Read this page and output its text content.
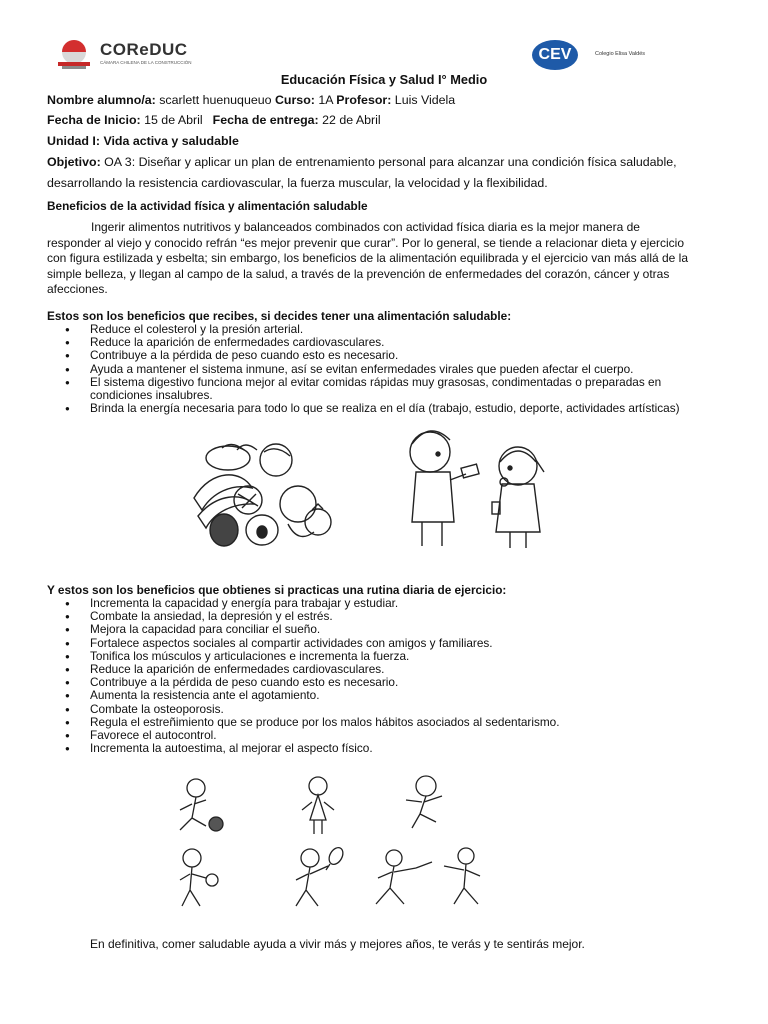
COReDUC
CÁMARA CHILENA DE LA CONSTRUCCIÓN	CEV	Colegio Elisa Valdés
Educación Física y Salud I° Medio
Nombre alumno/a: scarlett huenuqueuo Curso: 1A Profesor: Luis Videla
Fecha de Inicio: 15 de Abril Fecha de entrega: 22 de Abril
Unidad I: Vida activa y saludable
Objetivo: OA 3: Diseñar y aplicar un plan de entrenamiento personal para alcanzar una condición física saludable,
desarrollando la resistencia cardiovascular, la fuerza muscular, la velocidad y la flexibilidad.
Beneficios de la actividad física y alimentación saludable
Ingerir alimentos nutritivos y balanceados combinados con actividad física diaria es la mejor manera de
responder al viejo y conocido refrán “es mejor prevenir que curar”. Por lo general, se tiende a relacionar dieta y ejercicio
con figura estilizada y esbelta; sin embargo, los beneficios de la alimentación equilibrada y el ejercicio van más allá de la
simple belleza, y llegan al campo de la salud, a través de la prevención de enfermedades del corazón, cáncer y otras
afecciones.
Estos son los beneficios que recibes, si decides tener una alimentación saludable:
● Reduce el colesterol y la presión arterial.
● Reduce la aparición de enfermedades cardiovasculares.
● Contribuye a la pérdida de peso cuando esto es necesario.
● Ayuda a mantener el sistema inmune, así se evitan enfermedades virales que pueden afectar el cuerpo.
● El sistema digestivo funciona mejor al evitar comidas rápidas muy grasosas, condimentadas o preparadas en
condiciones insalubres.
● Brinda la energía necesaria para todo lo que se realiza en el día (trabajo, estudio, deporte, actividades artísticas)
Y estos son los beneficios que obtienes si practicas una rutina diaria de ejercicio:
● Incrementa la capacidad y energía para trabajar y estudiar.
● Combate la ansiedad, la depresión y el estrés.
● Mejora la capacidad para conciliar el sueño.
● Fortalece aspectos sociales al compartir actividades con amigos y familiares.
● Tonifica los músculos y articulaciones e incrementa la fuerza.
● Reduce la aparición de enfermedades cardiovasculares.
● Contribuye a la pérdida de peso cuando esto es necesario.
● Aumenta la resistencia ante el agotamiento.
● Combate la osteoporosis.
● Regula el estreñimiento que se produce por los malos hábitos asociados al sedentarismo.
● Favorece el autocontrol.
● Incrementa la autoestima, al mejorar el aspecto físico.
En definitiva, comer saludable ayuda a vivir más y mejores años, te verás y te sentirás mejor.
